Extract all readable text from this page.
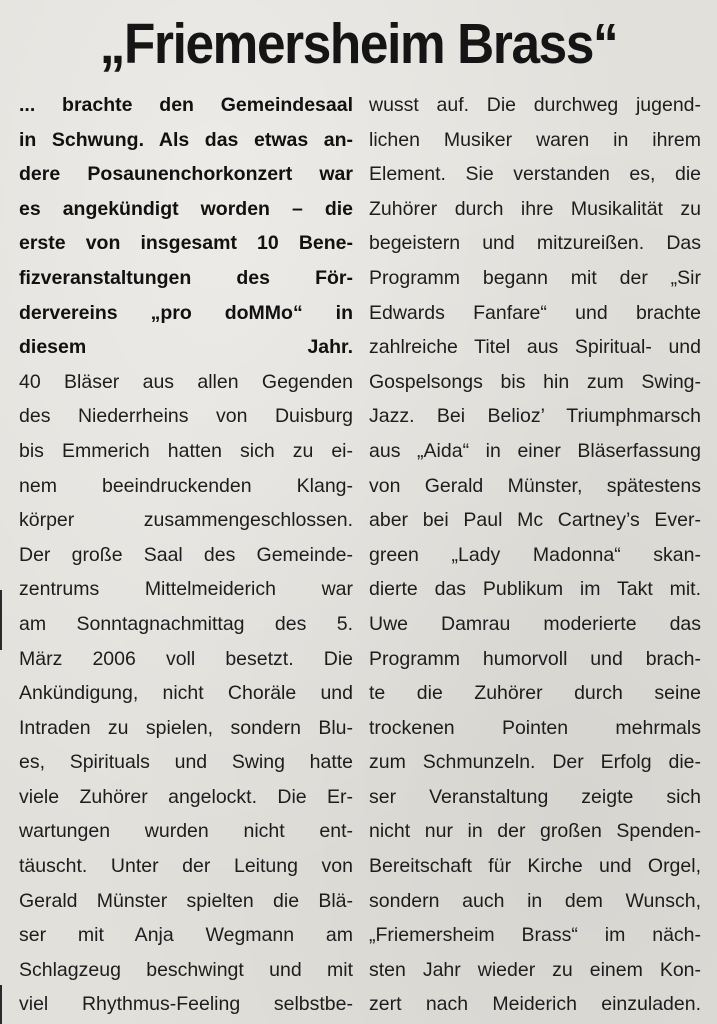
„Friemersheim Brass“
... brachte den Gemeindesaal
in Schwung. Als das etwas an-
dere Posaunenchorkonzert war
es angekündigt worden – die
erste von insgesamt 10 Bene-
fizveranstaltungen des För-
dervereins „pro doMMo“ in
diesem Jahr.
40 Bläser aus allen Gegenden
des Niederrheins von Duisburg
bis Emmerich hatten sich zu ei-
nem beeindruckenden Klang-
körper zusammengeschlossen.
Der große Saal des Gemeinde-
zentrums Mittelmeiderich war
am Sonntagnachmittag des 5.
März 2006 voll besetzt. Die
Ankündigung, nicht Choräle und
Intraden zu spielen, sondern Blu-
es, Spirituals und Swing hatte
viele Zuhörer angelockt. Die Er-
wartungen wurden nicht ent-
täuscht. Unter der Leitung von
Gerald Münster spielten die Blä-
ser mit Anja Wegmann am
Schlagzeug beschwingt und mit
viel Rhythmus-Feeling selbstbe-
wusst auf. Die durchweg jugend-
lichen Musiker waren in ihrem
Element. Sie verstanden es, die
Zuhörer durch ihre Musikalität zu
begeistern und mitzureißen. Das
Programm begann mit der „Sir
Edwards Fanfare“ und brachte
zahlreiche Titel aus Spiritual- und
Gospelsongs bis hin zum Swing-
Jazz. Bei Belioz’ Triumphmarsch
aus „Aida“ in einer Bläserfassung
von Gerald Münster, spätestens
aber bei Paul Mc Cartney’s Ever-
green „Lady Madonna“ skan-
dierte das Publikum im Takt mit.
Uwe Damrau moderierte das
Programm humorvoll und brach-
te die Zuhörer durch seine
trockenen Pointen mehrmals
zum Schmunzeln. Der Erfolg die-
ser Veranstaltung zeigte sich
nicht nur in der großen Spenden-
Bereitschaft für Kirche und Orgel,
sondern auch in dem Wunsch,
„Friemersheim Brass“ im näch-
sten Jahr wieder zu einem Kon-
zert nach Meiderich einzuladen.
